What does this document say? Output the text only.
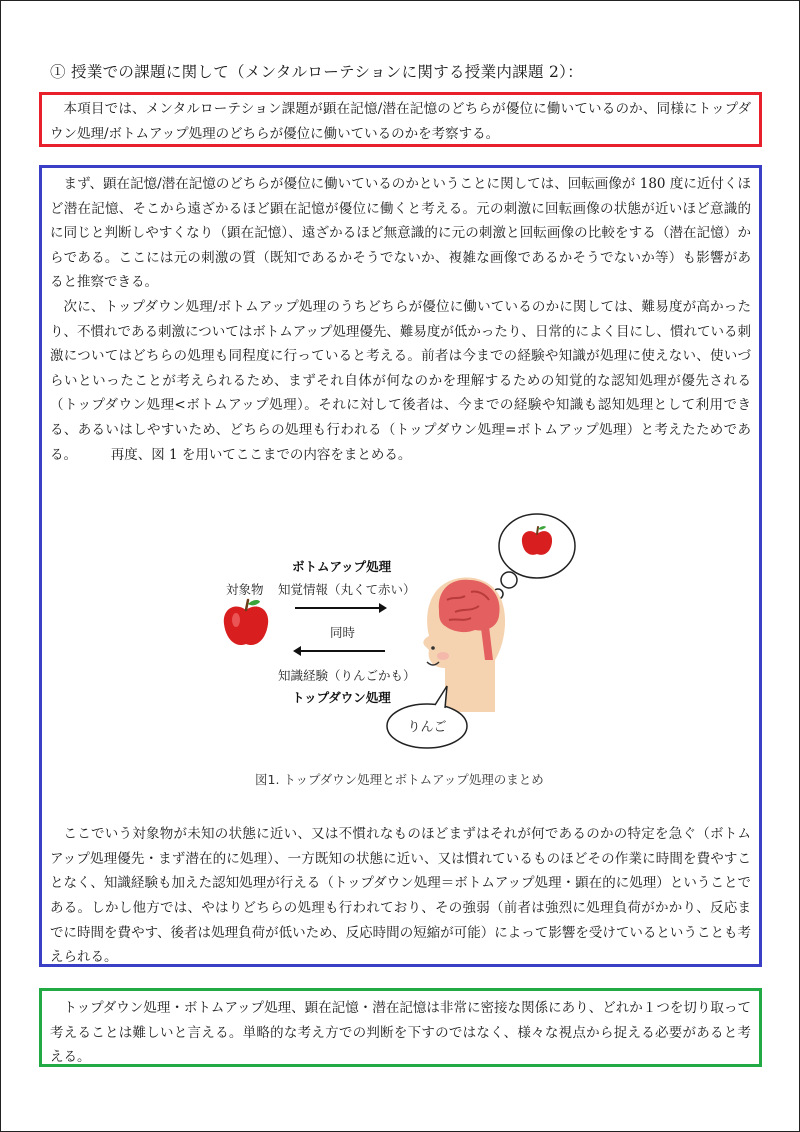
① 授業での課題に関して（メンタルローテションに関する授業内課題 2）：

本項目では、メンタルローテション課題が顕在記憶/潜在記憶のどちらが優位に働いているのか、同様にトップダウン処理/ボトムアップ処理のどちらが優位に働いているのかを考察する。

まず、顕在記憶/潜在記憶のどちらが優位に働いているのかということに関しては、回転画像が 180 度に近付くほど潜在記憶、そこから遠ざかるほど顕在記憶が優位に働くと考える。元の刺激に回転画像の状態が近いほど意識的に同じと判断しやすくなり（顕在記憶）、遠ざかるほど無意識的に元の刺激と回転画像の比較をする（潜在記憶）からである。ここには元の刺激の質（既知であるかそうでないか、複雑な画像であるかそうでないか等）も影響があると推察できる。

次に、トップダウン処理/ボトムアップ処理のうちどちらが優位に働いているのかに関しては、難易度が高かったり、不慣れである刺激についてはボトムアップ処理優先、難易度が低かったり、日常的によく目にし、慣れている刺激についてはどちらの処理も同程度に行っていると考える。前者は今までの経験や知識が処理に使えない、使いづらいといったことが考えられるため、まずそれ自体が何なのかを理解するための知覚的な認知処理が優先される（トップダウン処理<ボトムアップ処理）。それに対して後者は、今までの経験や知識も認知処理として利用できる、あるいはしやすいため、どちらの処理も行われる（トップダウン処理=ボトムアップ処理）と考えたためである。　　　再度、図 1 を用いてここまでの内容をまとめる。

ここでいう対象物が未知の状態に近い、又は不慣れなものほどまずはそれが何であるのかの特定を急ぐ（ボトムアップ処理優先・まず潜在的に処理）、一方既知の状態に近い、又は慣れているものほどその作業に時間を費やすことなく、知識経験も加えた認知処理が行える（トップダウン処理＝ボトムアップ処理・顕在的に処理）ということである。しかし他方では、やはりどちらの処理も行われており、その強弱（前者は強烈に処理負荷がかかり、反応までに時間を費やす、後者は処理負荷が低いため、反応時間の短縮が可能）によって影響を受けているということも考えられる。

ボトムアップ処理
対象物 知覚情報（丸くて赤い）
同時
知識経験（りんごかも）
トップダウン処理
りんご
図1. トップダウン処理とボトムアップ処理のまとめ

トップダウン処理・ボトムアップ処理、顕在記憶・潜在記憶は非常に密接な関係にあり、どれか１つを切り取って考えることは難しいと言える。単略的な考え方での判断を下すのではなく、様々な視点から捉える必要があると考える。
